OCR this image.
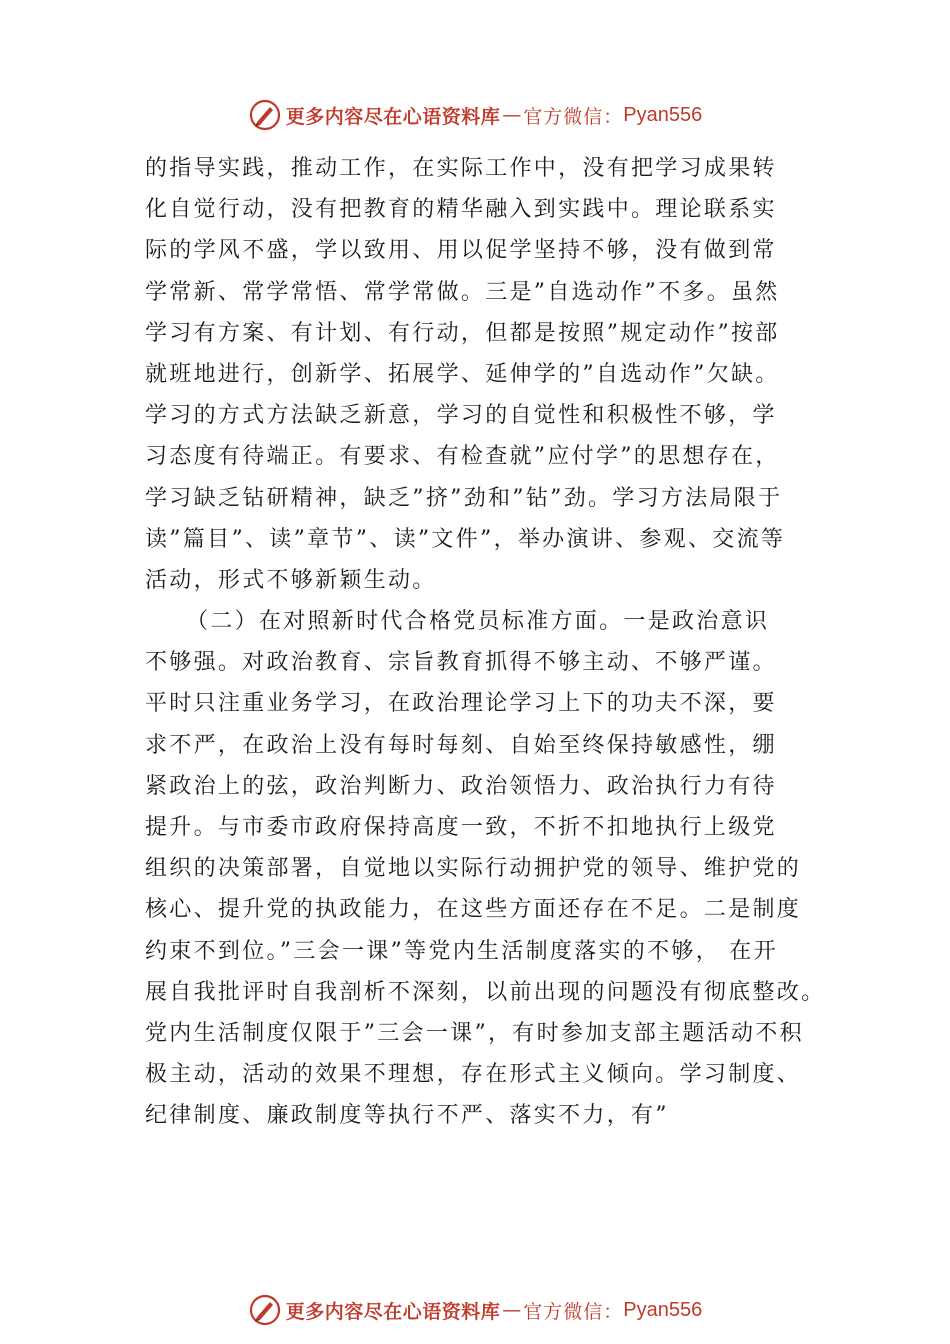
更多内容尽在心语资料库 — 官方微信： Pyan556
的指导实践，推动工作，在实际工作中，没有把学习成果转
化自觉行动，没有把教育的精华融入到实践中。理论联系实
际的学风不盛，学以致用、用以促学坚持不够，没有做到常
学常新、常学常悟、常学常做。三是”自选动作”不多。虽然
学习有方案、有计划、有行动，但都是按照”规定动作”按部
就班地进行，创新学、拓展学、延伸学的”自选动作”欠缺。
学习的方式方法缺乏新意，学习的自觉性和积极性不够，学
习态度有待端正。有要求、有检查就”应付学”的思想存在，
学习缺乏钻研精神，缺乏”挤”劲和”钻”劲。学习方法局限于
读”篇目”、读”章节”、读”文件”，举办演讲、参观、交流等
活动，形式不够新颖生动。
（二）在对照新时代合格党员标准方面。一是政治意识
不够强。对政治教育、宗旨教育抓得不够主动、不够严谨。
平时只注重业务学习，在政治理论学习上下的功夫不深，要
求不严，在政治上没有每时每刻、自始至终保持敏感性，绷
紧政治上的弦，政治判断力、政治领悟力、政治执行力有待
提升。与市委市政府保持高度一致，不折不扣地执行上级党
组织的决策部署，自觉地以实际行动拥护党的领导、维护党的
核心、提升党的执政能力，在这些方面还存在不足。二是制度
约束不到位。”三会一课”等党内生活制度落实的不够， 在开
展自我批评时自我剖析不深刻，以前出现的问题没有彻底整改。
党内生活制度仅限于”三会一课”，有时参加支部主题活动不积
极主动，活动的效果不理想，存在形式主义倾向。学习制度、
纪律制度、廉政制度等执行不严、落实不力，有”
更多内容尽在心语资料库 — 官方微信： Pyan556
